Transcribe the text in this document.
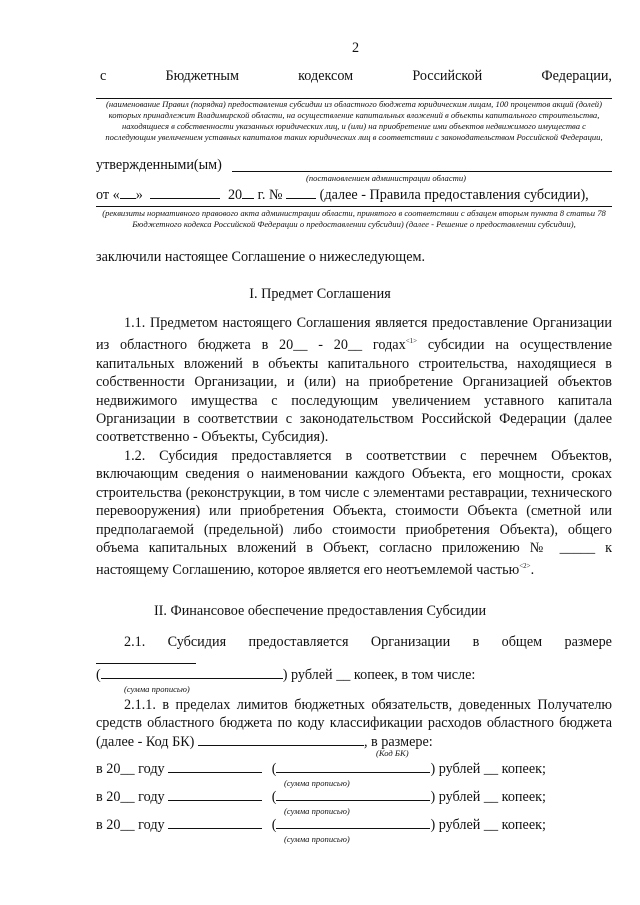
2
с	Бюджетным	кодексом	Российской	Федерации,
(наименование Правил (порядка) предоставления субсидии из областного бюджета юридическим лицам, 100 процентов акций (долей) которых принадлежит Владимирской области, на осуществление капитальных вложений в объекты капитального строительства, находящиеся в собственности указанных юридических лиц, и (или) на приобретение ими объектов недвижимого имущества с последующим увеличением уставных капиталов таких юридических лиц в соответствии с законодательством Российской Федерации,
утвержденными(ым)
(постановлением администрации области)
от « »	20 г. №	(далее - Правила предоставления субсидии),
(реквизиты нормативного правового акта администрации области, принятого в соответствии с абзацем вторым пункта 8 статьи 78 Бюджетного кодекса Российской Федерации о предоставлении субсидии) (далее - Решение о предоставлении субсидии),
заключили настоящее Соглашение о нижеследующем.
I. Предмет Соглашения
1.1. Предметом настоящего Соглашения является предоставление Организации из областного бюджета в 20__ - 20__ годах$^{<1>}$ субсидии на осуществление капитальных вложений в объекты капитального строительства, находящиеся в собственности Организации, и (или) на приобретение Организацией объектов недвижимого имущества с последующим увеличением уставного капитала Организации в соответствии с законодательством Российской Федерации (далее соответственно - Объекты, Субсидия).
1.2. Субсидия предоставляется в соответствии с перечнем Объектов, включающим сведения о наименовании каждого Объекта, его мощности, сроках строительства (реконструкции, в том числе с элементами реставрации, технического перевооружения) или приобретения Объекта, стоимости Объекта (сметной или предполагаемой (предельной) либо стоимости приобретения Объекта), общего объема капитальных вложений в Объект, согласно приложению № _____ к настоящему Соглашению, которое является его неотъемлемой частью$^{<2>}$.
II. Финансовое обеспечение предоставления Субсидии
2.1. Субсидия предоставляется Организации в общем размере
(	) рублей __ копеек, в том числе:
(сумма прописью)
2.1.1. в пределах лимитов бюджетных обязательств, доведенных Получателю средств областного бюджета по коду классификации расходов областного бюджета (далее - Код БК)	, в размере:
(Код БК)
в 20__ году	(	) рублей __ копеек;
(сумма прописью)
в 20__ году	(	) рублей __ копеек;
(сумма прописью)
в 20__ году	(	) рублей __ копеек;
(сумма прописью)
